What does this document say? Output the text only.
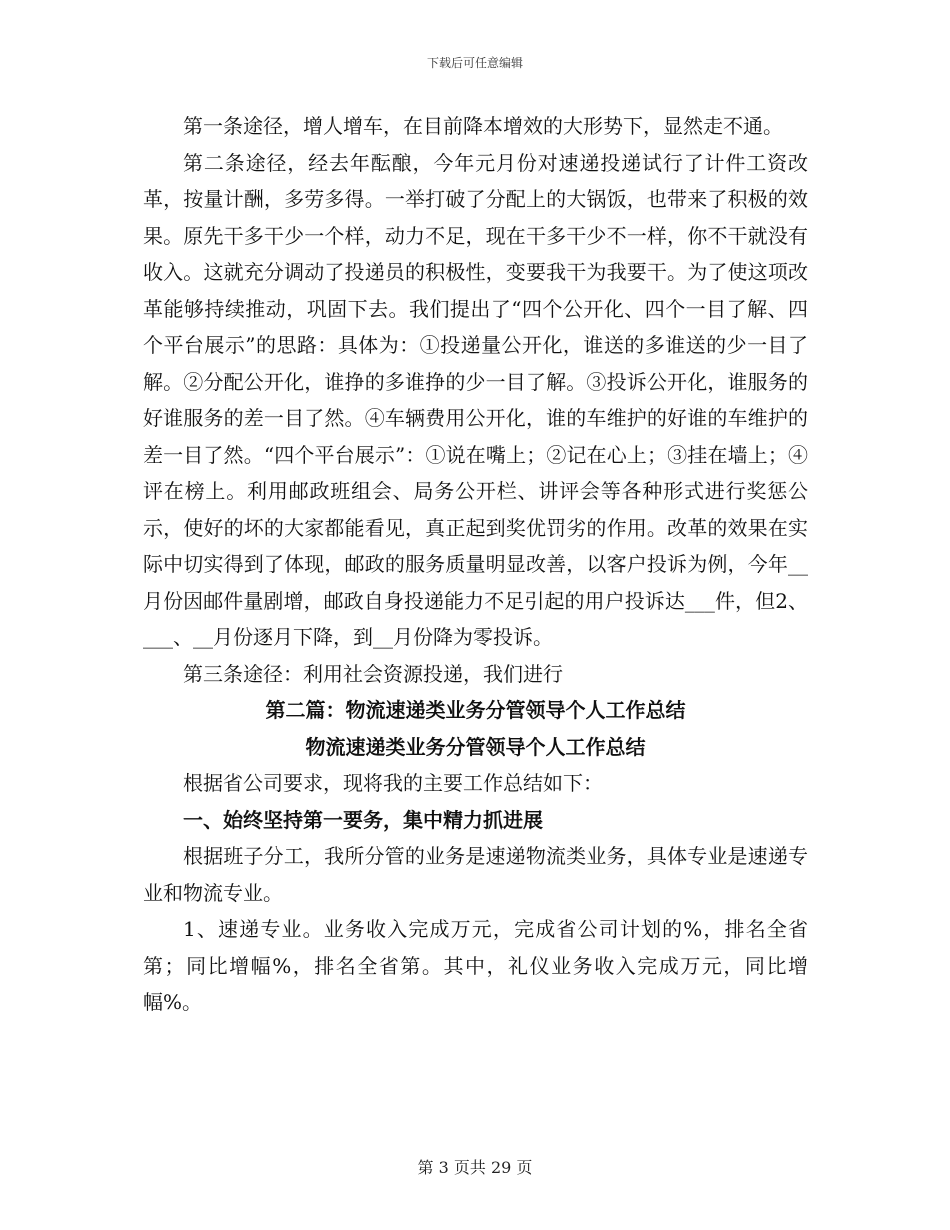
下载后可任意编辑

第一条途径，增人增车，在目前降本增效的大形势下，显然走不通。

第二条途径，经去年酝酿，今年元月份对速递投递试行了计件工资改革，按量计酬，多劳多得。一举打破了分配上的大锅饭，也带来了积极的效果。原先干多干少一个样，动力不足，现在干多干少不一样，你不干就没有收入。这就充分调动了投递员的积极性，变要我干为我要干。为了使这项改革能够持续推动，巩固下去。我们提出了“四个公开化、四个一目了解、四个平台展示”的思路：具体为：①投递量公开化，谁送的多谁送的少一目了解。②分配公开化，谁挣的多谁挣的少一目了解。③投诉公开化，谁服务的好谁服务的差一目了然。④车辆费用公开化，谁的车维护的好谁的车维护的差一目了然。“四个平台展示”：①说在嘴上；②记在心上；③挂在墙上；④评在榜上。利用邮政班组会、局务公开栏、讲评会等各种形式进行奖惩公示，使好的坏的大家都能看见，真正起到奖优罚劣的作用。改革的效果在实际中切实得到了体现，邮政的服务质量明显改善，以客户投诉为例，今年__月份因邮件量剧增，邮政自身投递能力不足引起的用户投诉达___件，但2、___、__月份逐月下降，到__月份降为零投诉。

第三条途径：利用社会资源投递，我们进行

第二篇：物流速递类业务分管领导个人工作总结

物流速递类业务分管领导个人工作总结

根据省公司要求，现将我的主要工作总结如下：

一、始终坚持第一要务，集中精力抓进展

根据班子分工，我所分管的业务是速递物流类业务，具体专业是速递专业和物流专业。

1、速递专业。业务收入完成万元，完成省公司计划的%，排名全省第；同比增幅%，排名全省第。其中，礼仪业务收入完成万元，同比增幅%。

第 3 页共 29 页
